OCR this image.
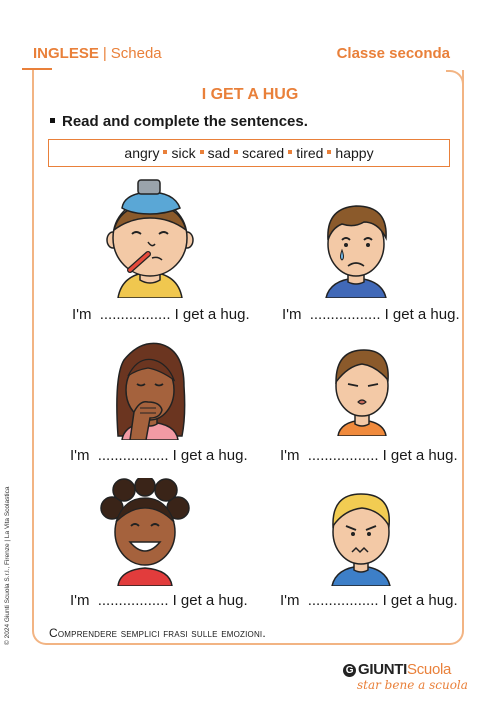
INGLESE | Scheda	Classe seconda
I GET A HUG
Read and complete the sentences.
angry sick sad scared tired happy
I'm ................. I get a hug. I'm ................. I get a hug.
I'm ................. I get a hug. I'm ................. I get a hug.
I'm ................. I get a hug. I'm ................. I get a hug.
Comprendere semplici frasi sulle emozioni.
© 2024 Giunti Scuola S.r.l., Firenze | La Vita Scolastica
G GIUNTIScuola
star bene a scuola
